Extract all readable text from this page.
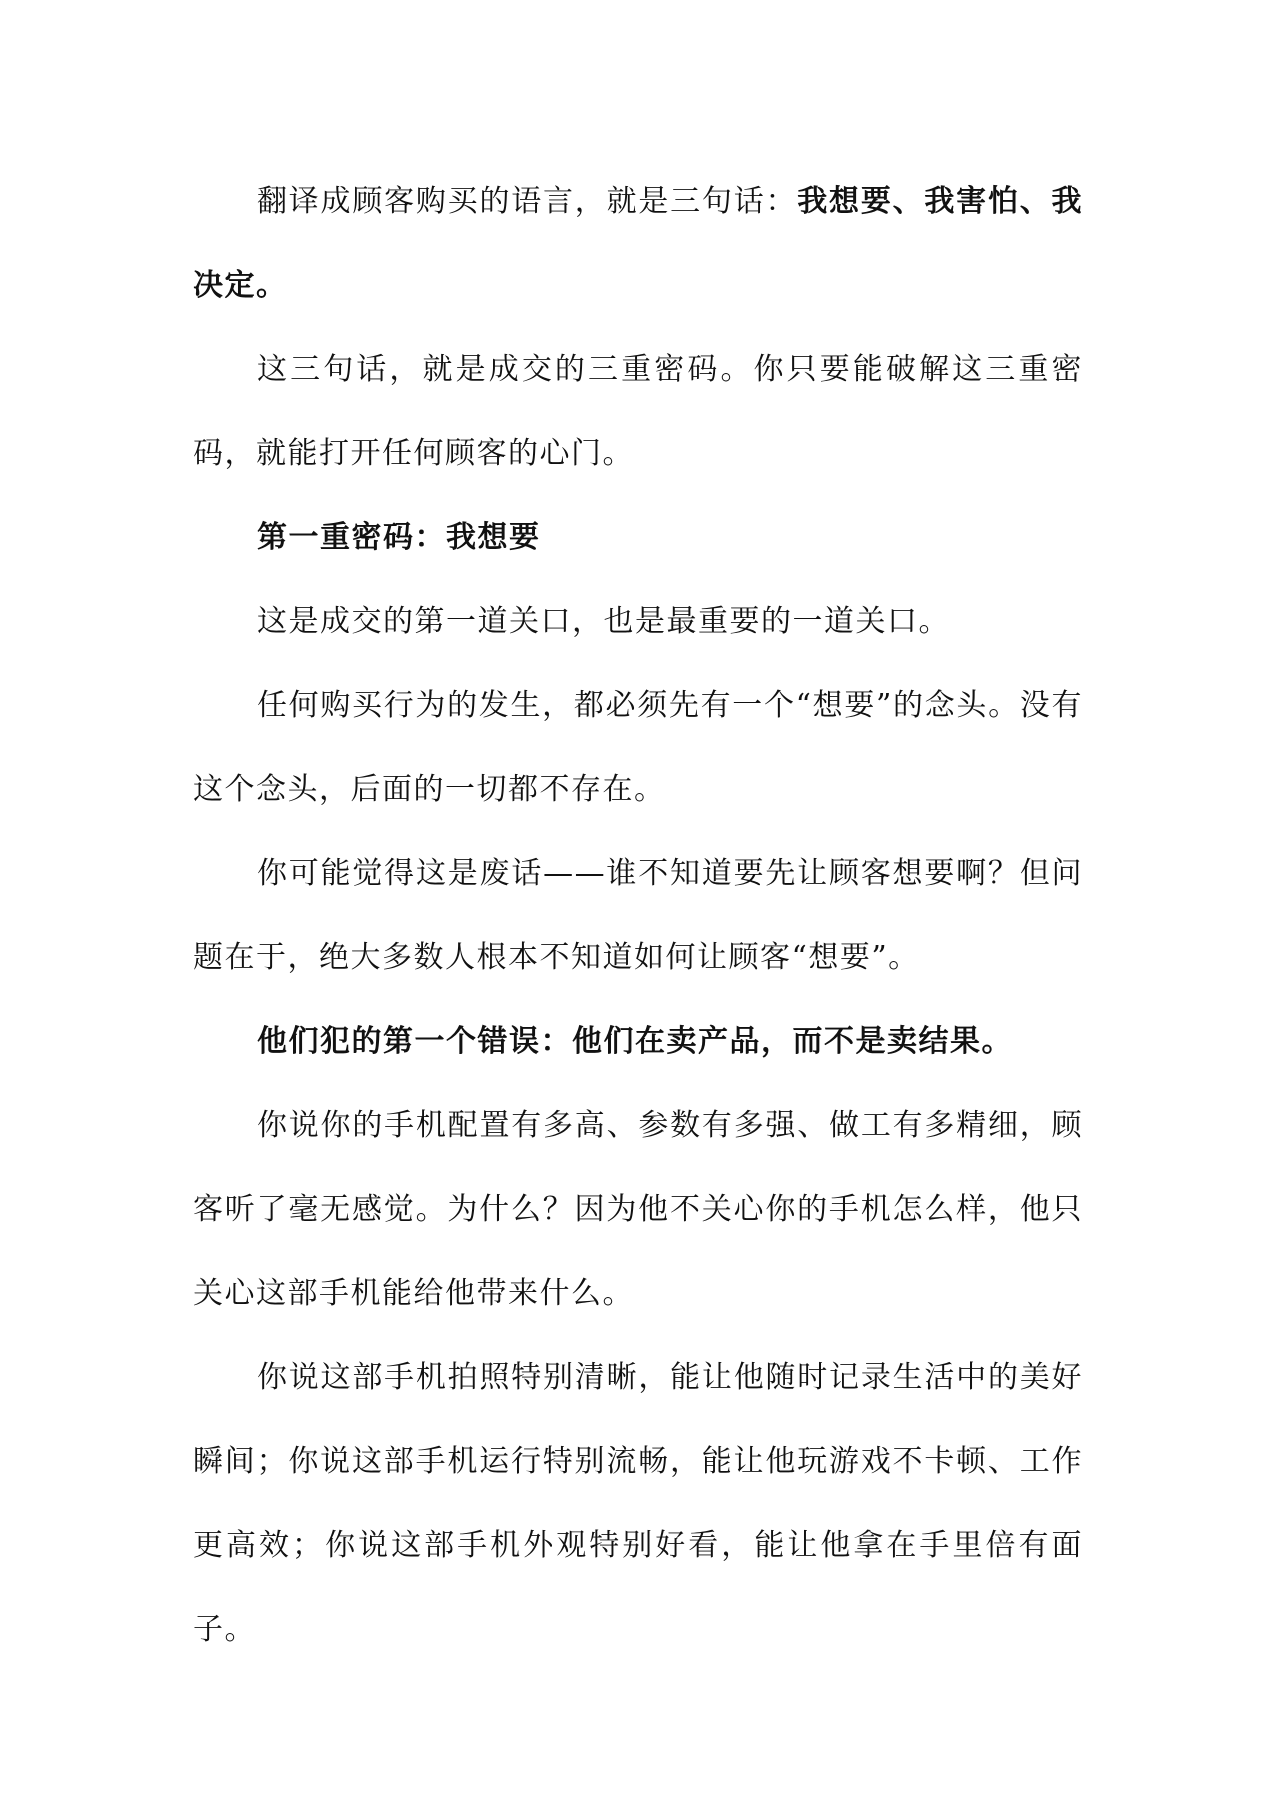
翻译成顾客购买的语言，就是三句话：我想要、我害怕、我决定。

这三句话，就是成交的三重密码。你只要能破解这三重密码，就能打开任何顾客的心门。

第一重密码：我想要

这是成交的第一道关口，也是最重要的一道关口。

任何购买行为的发生，都必须先有一个“想要”的念头。没有这个念头，后面的一切都不存在。

你可能觉得这是废话——谁不知道要先让顾客想要啊？但问题在于，绝大多数人根本不知道如何让顾客“想要”。

他们犯的第一个错误：他们在卖产品，而不是卖结果。

你说你的手机配置有多高、参数有多强、做工有多精细，顾客听了毫无感觉。为什么？因为他不关心你的手机怎么样，他只关心这部手机能给他带来什么。

你说这部手机拍照特别清晰，能让他随时记录生活中的美好瞬间；你说这部手机运行特别流畅，能让他玩游戏不卡顿、工作更高效；你说这部手机外观特别好看，能让他拿在手里倍有面子。
